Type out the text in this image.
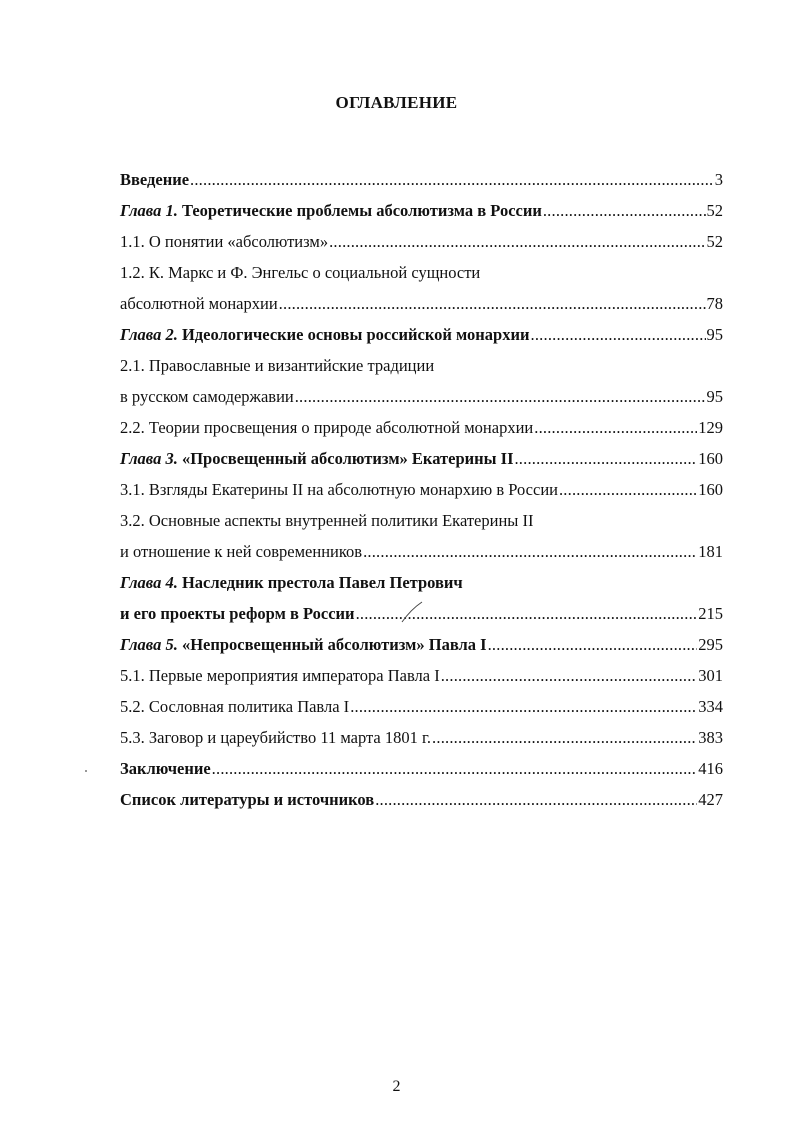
ОГЛАВЛЕНИЕ
Введение .....	3
Глава 1. Теоретические проблемы абсолютизма в России .....	52
1.1. О понятии «абсолютизм» .....	52
1.2. К. Маркс и Ф. Энгельс о социальной сущности
абсолютной монархии .....	78
Глава 2. Идеологические основы российской монархии .....	95
2.1. Православные и византийские традиции
в русском самодержавии .....	95
2.2. Теории просвещения о природе абсолютной монархии .....	129
Глава 3. «Просвещенный абсолютизм» Екатерины II .....	160
3.1. Взгляды Екатерины II на абсолютную монархию в России .....	160
3.2. Основные аспекты внутренней политики Екатерины II
и отношение к ней современников .....	181
Глава 4. Наследник престола Павел Петрович
и его проекты реформ в России .....	215
Глава 5. «Непросвещенный абсолютизм» Павла I .....	295
5.1. Первые мероприятия императора Павла I .....	301
5.2. Сословная политика Павла I .....	334
5.3. Заговор и цареубийство 11 марта 1801 г. .....	383
Заключение .....	416
Список литературы и источников .....	427
2
